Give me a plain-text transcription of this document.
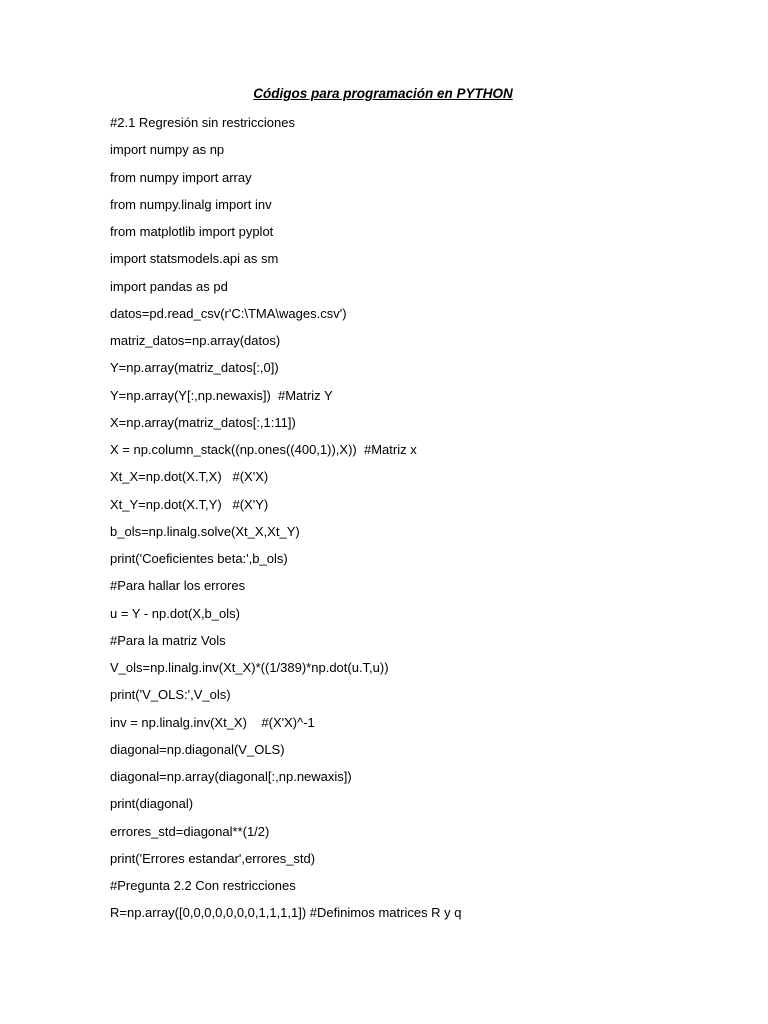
Códigos para programación en PYTHON
#2.1 Regresión sin restricciones
import numpy as np
from numpy import array
from numpy.linalg import inv
from matplotlib import pyplot
import statsmodels.api as sm
import pandas as pd
datos=pd.read_csv(r'C:\TMA\wages.csv')
matriz_datos=np.array(datos)
Y=np.array(matriz_datos[:,0])
Y=np.array(Y[:,np.newaxis])  #Matriz Y
X=np.array(matriz_datos[:,1:11])
X = np.column_stack((np.ones((400,1)),X))  #Matriz x
Xt_X=np.dot(X.T,X)   #(X'X)
Xt_Y=np.dot(X.T,Y)   #(X'Y)
b_ols=np.linalg.solve(Xt_X,Xt_Y)
print('Coeficientes beta:',b_ols)
#Para hallar los errores
u = Y - np.dot(X,b_ols)
#Para la matriz Vols
V_ols=np.linalg.inv(Xt_X)*((1/389)*np.dot(u.T,u))
print('V_OLS:',V_ols)
inv = np.linalg.inv(Xt_X)    #(X'X)^-1
diagonal=np.diagonal(V_OLS)
diagonal=np.array(diagonal[:,np.newaxis])
print(diagonal)
errores_std=diagonal**(1/2)
print('Errores estandar',errores_std)
#Pregunta 2.2 Con restricciones
R=np.array([0,0,0,0,0,0,0,1,1,1,1]) #Definimos matrices R y q
